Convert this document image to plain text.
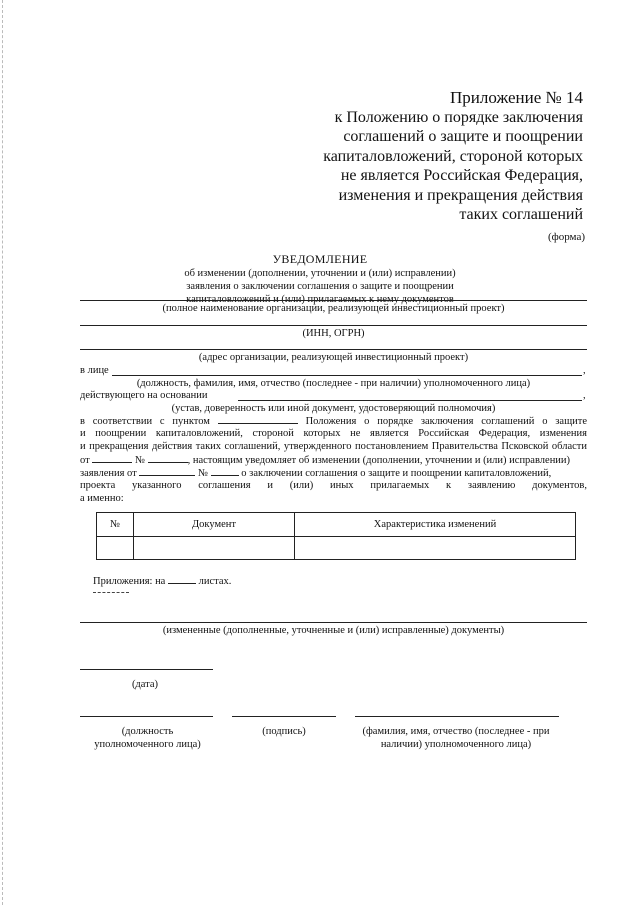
Приложение № 14
к Положению о порядке заключения
соглашений о защите и поощрении
капиталовложений, стороной которых
не является Российская Федерация,
изменения и прекращения действия
таких соглашений
(форма)
УВЕДОМЛЕНИЕ
об изменении (дополнении, уточнении и (или) исправлении)
заявления о заключении соглашения о защите и поощрении
капиталовложений и (или) прилагаемых к нему документов
(полное наименование организации, реализующей инвестиционный проект)
(ИНН, ОГРН)
(адрес организации, реализующей инвестиционный проект)
в лице	,
(должность, фамилия, имя, отчество (последнее - при наличии) уполномоченного лица)
действующего на основании	,
(устав, доверенность или иной документ, удостоверяющий полномочия)
в соответствии с пунктом	Положения о порядке заключения соглашений о защите
и поощрении капиталовложений, стороной которых не является Российская Федерация, изменения
и прекращения действия таких соглашений, утвержденного постановлением Правительства Псковской области
от	№	, настоящим уведомляет об изменении (дополнении, уточнении и (или) исправлении)
заявления от	№	о заключении соглашения о защите и поощрении капиталовложений,
проекта указанного соглашения и (или) иных прилагаемых к заявлению документов,
а именно:
№	Документ	Характеристика изменений

Приложения: на	листах.
(измененные (дополненные, уточненные и (или) исправленные) документы)
(дата)
(должность
уполномоченного лица)
(подпись)	(фамилия, имя, отчество (последнее - при
наличии) уполномоченного лица)
